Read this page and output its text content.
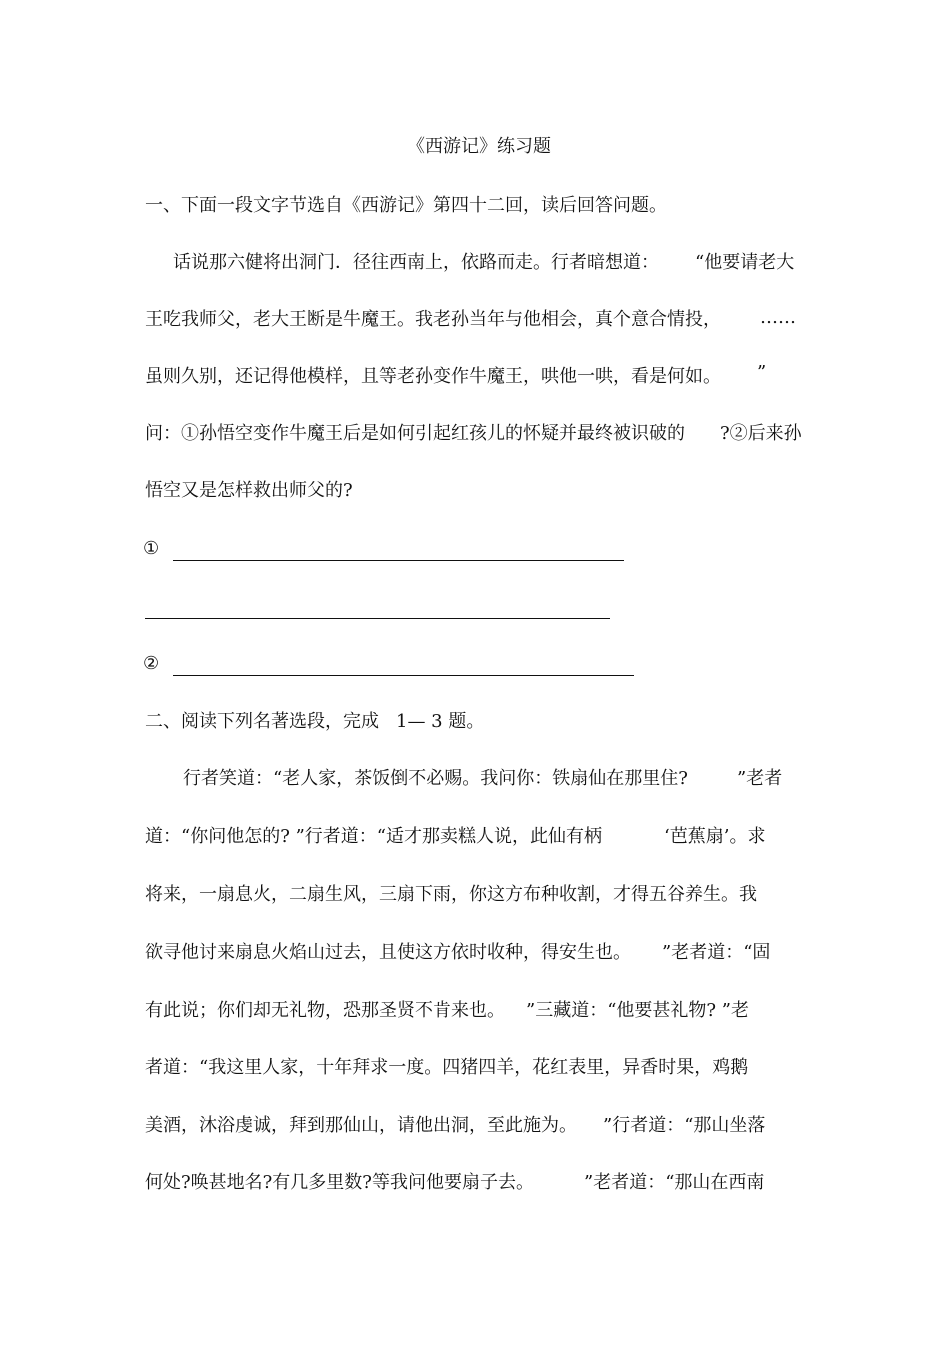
《西游记》练习题
一、下面一段文字节选自《西游记》第四十二回，读后回答问题。
话说那六健将出洞门．径往西南上，依路而走。行者暗想道： “他要请老大
王吃我师父，老大王断是牛魔王。我老孙当年与他相会，真个意合情投， ……
虽则久别，还记得他模样，且等老孙变作牛魔王，哄他一哄，看是何如。 ”
问：①孙悟空变作牛魔王后是如何引起红孩儿的怀疑并最终被识破的 ?②后来孙
悟空又是怎样救出师父的?
①
②
二、阅读下列名著选段，完成 1— 3 题。
行者笑道：“老人家，茶饭倒不必赐。我问你：铁扇仙在那里住?	”老者
道：“你问他怎的? ”行者道：“适才那卖糕人说，此仙有柄	‘芭蕉扇’。求
将来，一扇息火，二扇生风，三扇下雨，你这方布种收割，才得五谷养生。我
欲寻他讨来扇息火焰山过去，且使这方依时收种，得安生也。 ”老者道：“固
有此说；你们却无礼物，恐那圣贤不肯来也。 ”三藏道：“他要甚礼物? ”老
者道：“我这里人家，十年拜求一度。四猪四羊，花红表里，异香时果，鸡鹅
美酒，沐浴虔诚，拜到那仙山，请他出洞，至此施为。 ”行者道：“那山坐落
何处?唤甚地名?有几多里数?等我问他要扇子去。	”老者道：“那山在西南
